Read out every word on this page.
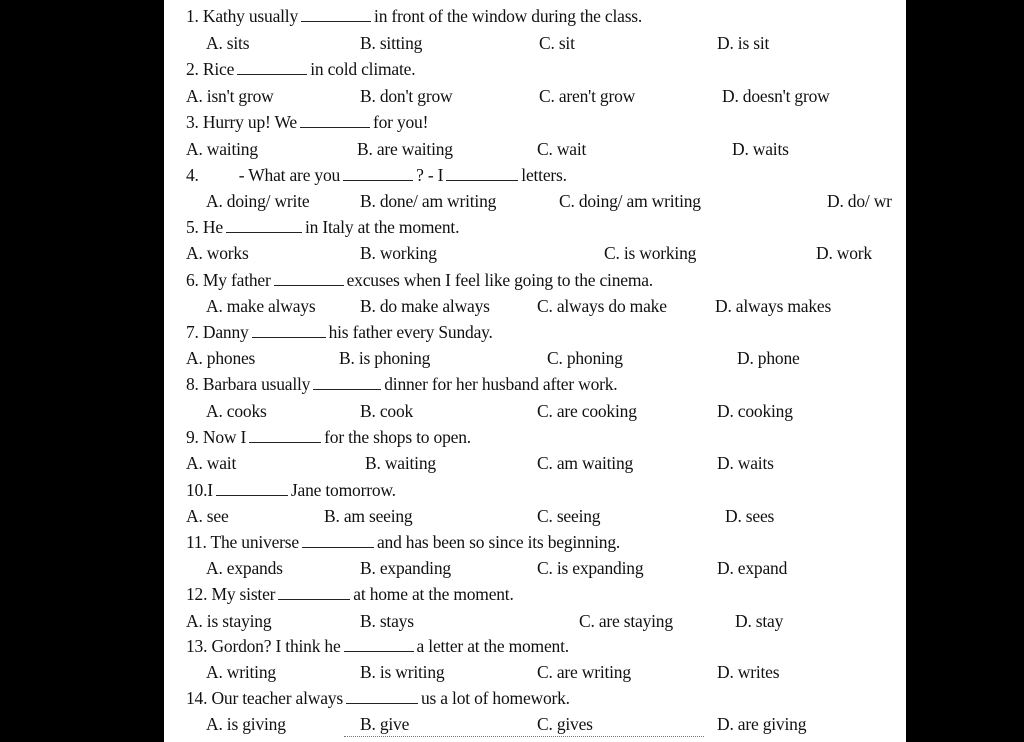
1. Kathy usually	in front of the window during the class.
A. sits	B. sitting	C. sit	D. is sit
2. Rice	in cold climate.
A. isn't grow	B. don't grow	C. aren't grow	D. doesn't grow
3. Hurry up! We	for you!
A. waiting	B. are waiting	C. wait	D. waits
4. - What are you	? - I	letters.
A. doing/ write	B. done/ am writing	C. doing/ am writing	D. do/ wr
5. He	in Italy at the moment.
A. works	B. working	C. is working	D. work
6. My father	excuses when I feel like going to the cinema.
A. make always	B. do make always	C. always do make	D. always makes
7. Danny	his father every Sunday.
A. phones	B. is phoning	C. phoning	D. phone
8. Barbara usually	dinner for her husband after work.
A. cooks	B. cook	C. are cooking	D. cooking
9. Now I	for the shops to open.
A. wait	B. waiting	C. am waiting	D. waits
10.I	Jane tomorrow.
A. see	B. am seeing	C. seeing	D. sees
11. The universe	and has been so since its beginning.
A. expands	B. expanding	C. is expanding	D. expand
12. My sister	at home at the moment.
A. is staying	B. stays	C. are staying	D. stay
13. Gordon? I think he	a letter at the moment.
A. writing	B. is writing	C. are writing	D. writes
14. Our teacher always	us a lot of homework.
A. is giving	B. give	C. gives	D. are giving
